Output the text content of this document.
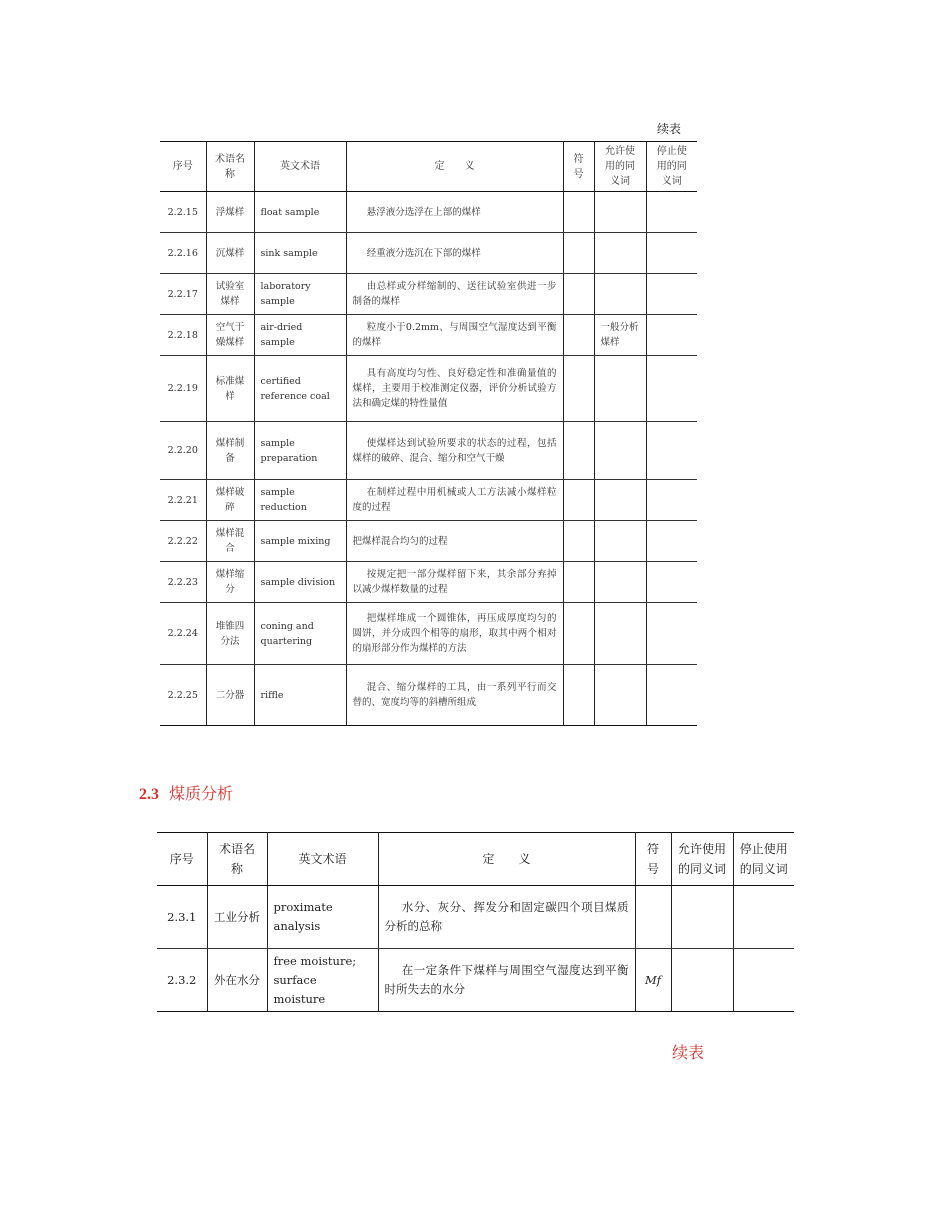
续表
序号	术语名称	英文术语	定　　义	符号	允许使用的同义词	停止使用的同义词
2.2.15	浮煤样	float sample	悬浮液分选浮在上部的煤样			
2.2.16	沉煤样	sink sample	经重液分选沉在下部的煤样			
2.2.17	试验室煤样	laboratory sample	由总样或分样缩制的、送往试验室供进一步制备的煤样			
2.2.18	空气干燥煤样	air-dried sample	粒度小于0.2mm、与周围空气湿度达到平衡的煤样		一般分析煤样	
2.2.19	标准煤样	certified reference coal	具有高度均匀性、良好稳定性和准确量值的煤样，主要用于校准测定仪器，评价分析试验方法和确定煤的特性量值			
2.2.20	煤样制备	sample preparation	使煤样达到试验所要求的状态的过程，包括煤样的破碎、混合、缩分和空气干燥			
2.2.21	煤样破碎	sample reduction	在制样过程中用机械或人工方法减小煤样粒度的过程			
2.2.22	煤样混合	sample mixing	把煤样混合均匀的过程			
2.2.23	煤样缩分	sample division	按规定把一部分煤样留下来，其余部分弃掉以减少煤样数量的过程			
2.2.24	堆锥四分法	coning and quartering	把煤样堆成一个圆锥体，再压成厚度均匀的圆饼，并分成四个相等的扇形，取其中两个相对的扇形部分作为煤样的方法			
2.2.25	二分器	riffle	混合、缩分煤样的工具，由一系列平行而交替的、宽度均等的斜槽所组成			
2.3 煤质分析
序号	术语名称	英文术语	定　　义	符号	允许使用的同义词	停止使用的同义词
2.3.1	工业分析	proximate analysis	水分、灰分、挥发分和固定碳四个项目煤质分析的总称			
2.3.2	外在水分	free moisture; surface moisture	在一定条件下煤样与周围空气湿度达到平衡时所失去的水分	Mf		
续表
